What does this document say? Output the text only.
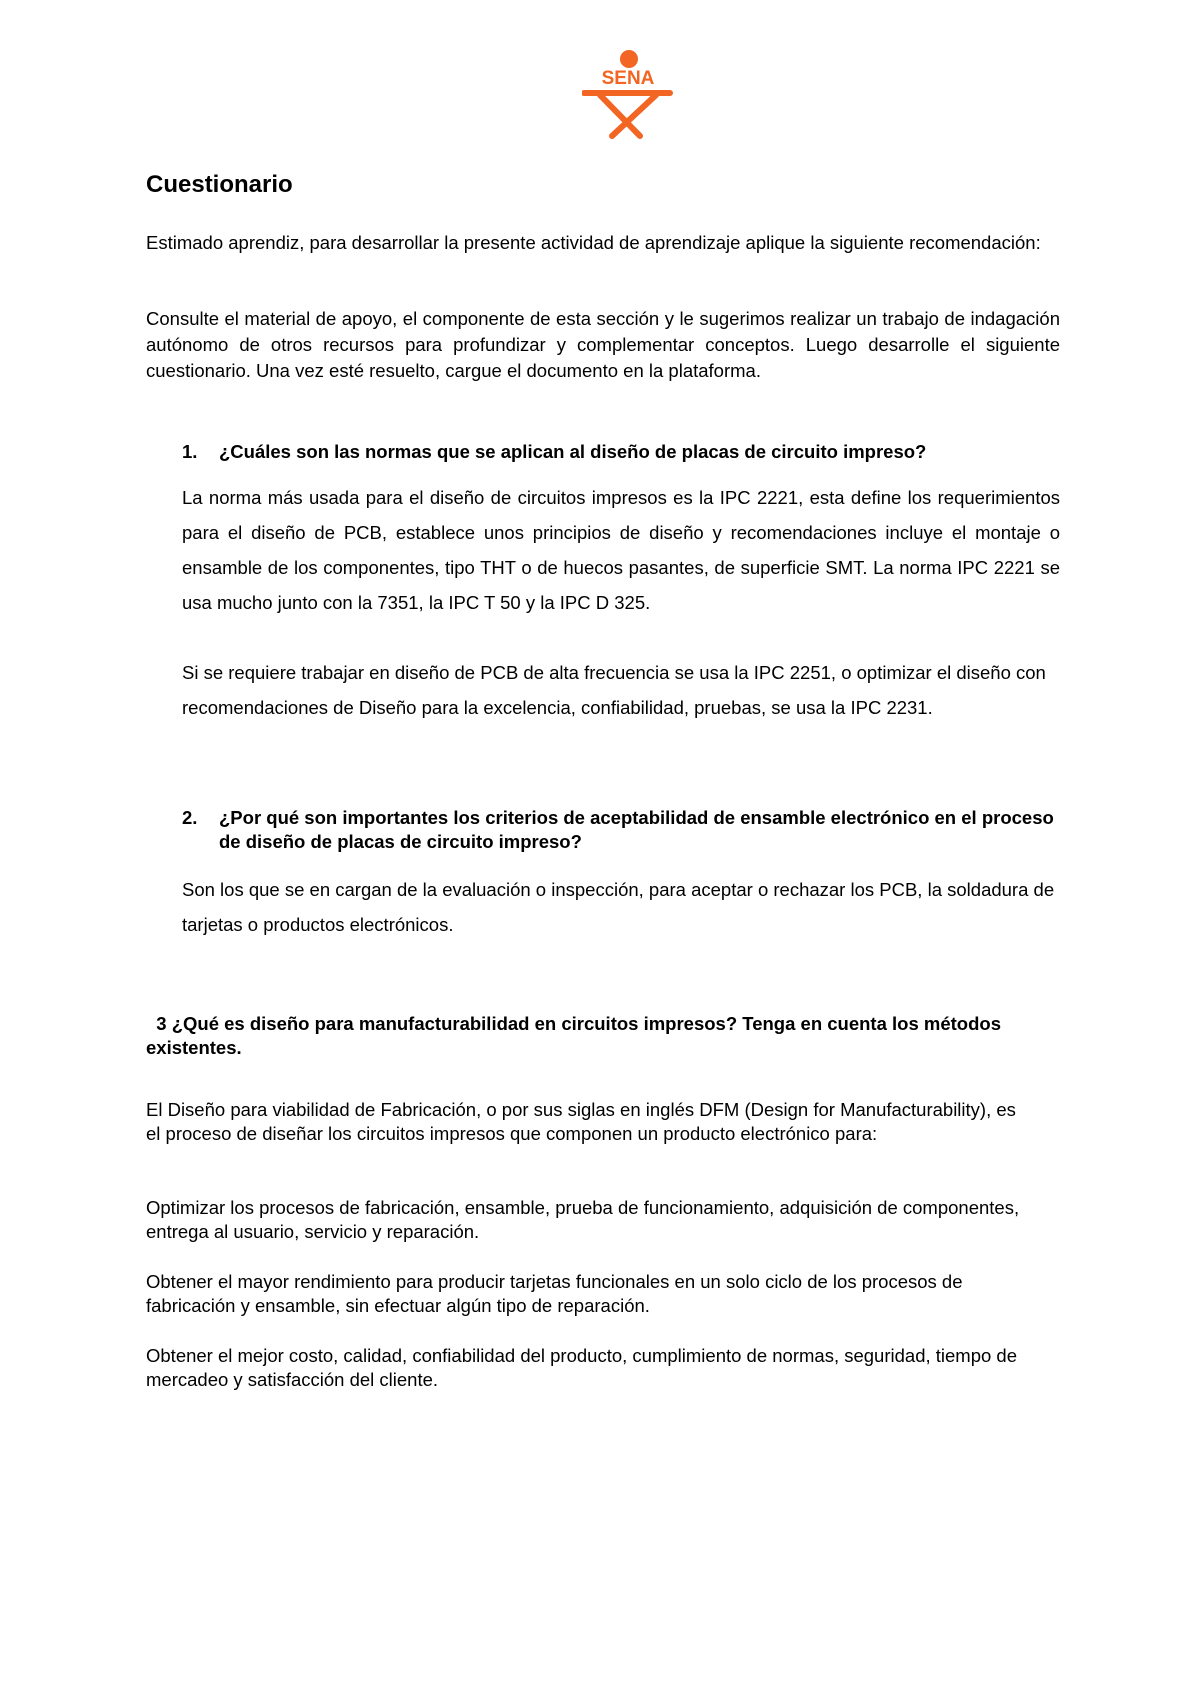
SENA
Cuestionario

Estimado aprendiz, para desarrollar la presente actividad de aprendizaje aplique la siguiente recomendación:

Consulte el material de apoyo, el componente de esta sección y le sugerimos realizar un trabajo de indagación autónomo de otros recursos para profundizar y complementar conceptos. Luego desarrolle el siguiente cuestionario. Una vez esté resuelto, cargue el documento en la plataforma.

1.	¿Cuáles son las normas que se aplican al diseño de placas de circuito impreso?

La norma más usada para el diseño de circuitos impresos es la IPC 2221, esta define los requerimientos para el diseño de PCB, establece unos principios de diseño y recomendaciones incluye el montaje o ensamble de los componentes, tipo THT o de huecos pasantes, de superficie SMT. La norma IPC 2221 se usa mucho junto con la 7351, la IPC T 50 y la IPC D 325.

Si se requiere trabajar en diseño de PCB de alta frecuencia se usa la IPC 2251, o optimizar el diseño con recomendaciones de Diseño para la excelencia, confiabilidad, pruebas, se usa la IPC 2231.

2.	¿Por qué son importantes los criterios de aceptabilidad de ensamble electrónico en el proceso de diseño de placas de circuito impreso?

Son los que se en cargan de la evaluación o inspección, para aceptar o rechazar los PCB, la soldadura de tarjetas o productos electrónicos.

3 ¿Qué es diseño para manufacturabilidad en circuitos impresos? Tenga en cuenta los métodos existentes.

El Diseño para viabilidad de Fabricación, o por sus siglas en inglés DFM (Design for Manufacturability), es el proceso de diseñar los circuitos impresos que componen un producto electrónico para:

Optimizar los procesos de fabricación, ensamble, prueba de funcionamiento, adquisición de componentes, entrega al usuario, servicio y reparación.

Obtener el mayor rendimiento para producir tarjetas funcionales en un solo ciclo de los procesos de fabricación y ensamble, sin efectuar algún tipo de reparación.

Obtener el mejor costo, calidad, confiabilidad del producto, cumplimiento de normas, seguridad, tiempo de mercadeo y satisfacción del cliente.
